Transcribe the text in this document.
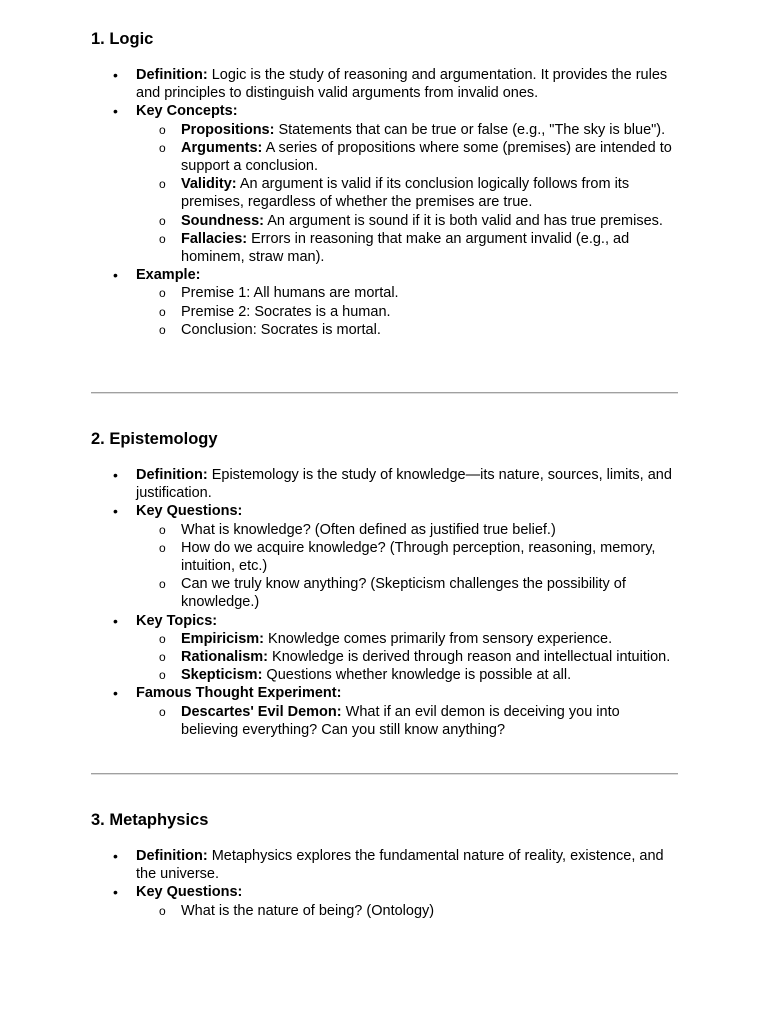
1. Logic
• Definition: Logic is the study of reasoning and argumentation. It provides the rules and principles to distinguish valid arguments from invalid ones.
• Key Concepts:
o Propositions: Statements that can be true or false (e.g., "The sky is blue").
o Arguments: A series of propositions where some (premises) are intended to support a conclusion.
o Validity: An argument is valid if its conclusion logically follows from its premises, regardless of whether the premises are true.
o Soundness: An argument is sound if it is both valid and has true premises.
o Fallacies: Errors in reasoning that make an argument invalid (e.g., ad hominem, straw man).
• Example:
o Premise 1: All humans are mortal.
o Premise 2: Socrates is a human.
o Conclusion: Socrates is mortal.
2. Epistemology
• Definition: Epistemology is the study of knowledge—its nature, sources, limits, and justification.
• Key Questions:
o What is knowledge? (Often defined as justified true belief.)
o How do we acquire knowledge? (Through perception, reasoning, memory, intuition, etc.)
o Can we truly know anything? (Skepticism challenges the possibility of knowledge.)
• Key Topics:
o Empiricism: Knowledge comes primarily from sensory experience.
o Rationalism: Knowledge is derived through reason and intellectual intuition.
o Skepticism: Questions whether knowledge is possible at all.
• Famous Thought Experiment:
o Descartes' Evil Demon: What if an evil demon is deceiving you into believing everything? Can you still know anything?
3. Metaphysics
• Definition: Metaphysics explores the fundamental nature of reality, existence, and the universe.
• Key Questions:
o What is the nature of being? (Ontology)
